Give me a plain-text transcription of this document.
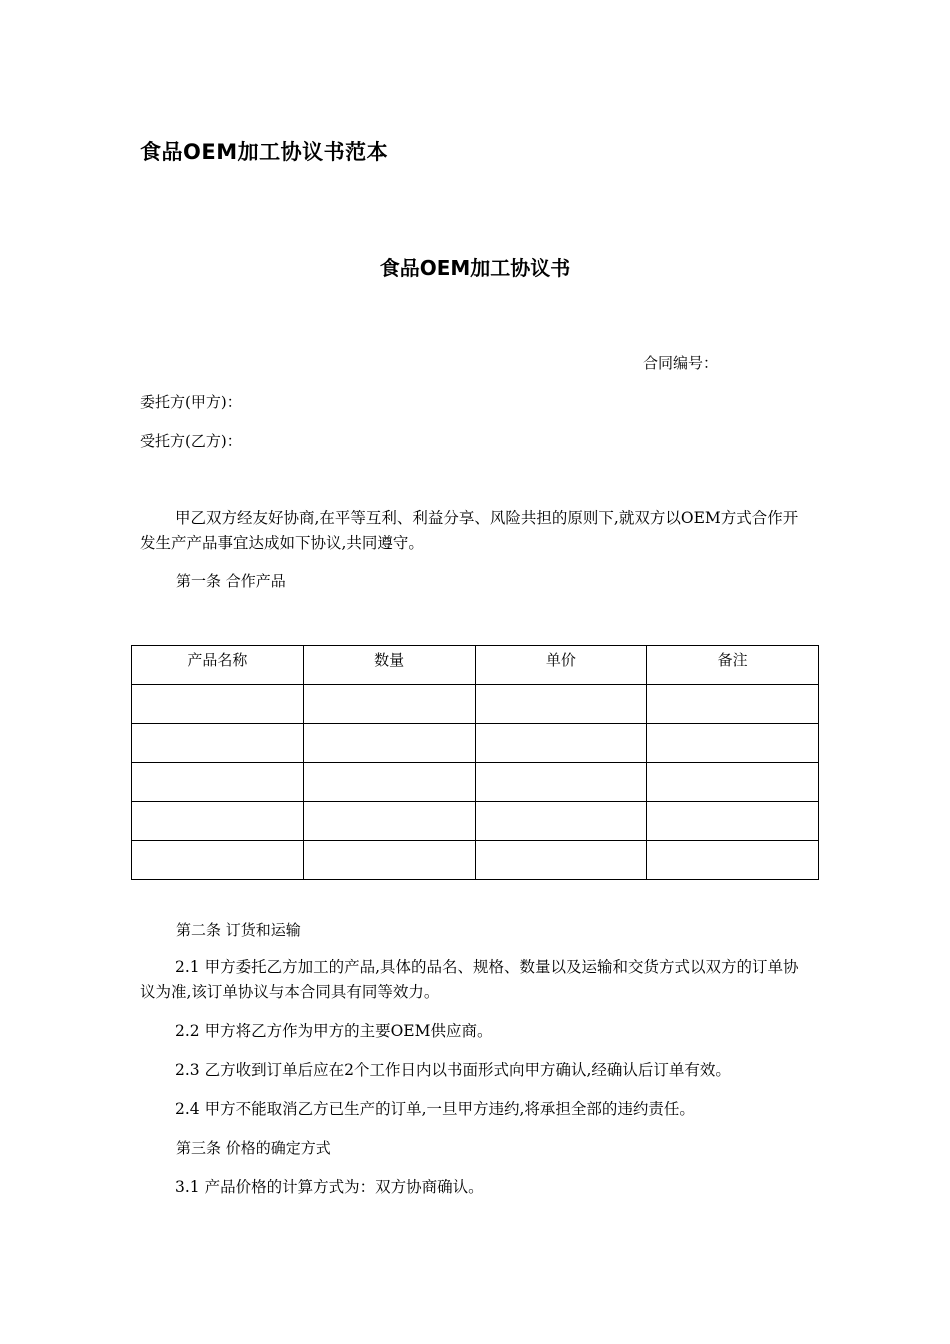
食品OEM加工协议书范本
食品OEM加工协议书

合同编号：

委托方(甲方)：

受托方(乙方)：

甲乙双方经友好协商,在平等互利、利益分享、风险共担的原则下,就双方以OEM方式合作开发生产产品事宜达成如下协议,共同遵守。

第一条 合作产品

产品名称	数量	单价	备注

第二条 订货和运输

2.1 甲方委托乙方加工的产品,具体的品名、规格、数量以及运输和交货方式以双方的订单协议为准,该订单协议与本合同具有同等效力。

2.2 甲方将乙方作为甲方的主要OEM供应商。

2.3 乙方收到订单后应在2个工作日内以书面形式向甲方确认,经确认后订单有效。

2.4 甲方不能取消乙方已生产的订单,一旦甲方违约,将承担全部的违约责任。

第三条 价格的确定方式

3.1 产品价格的计算方式为：双方协商确认。
